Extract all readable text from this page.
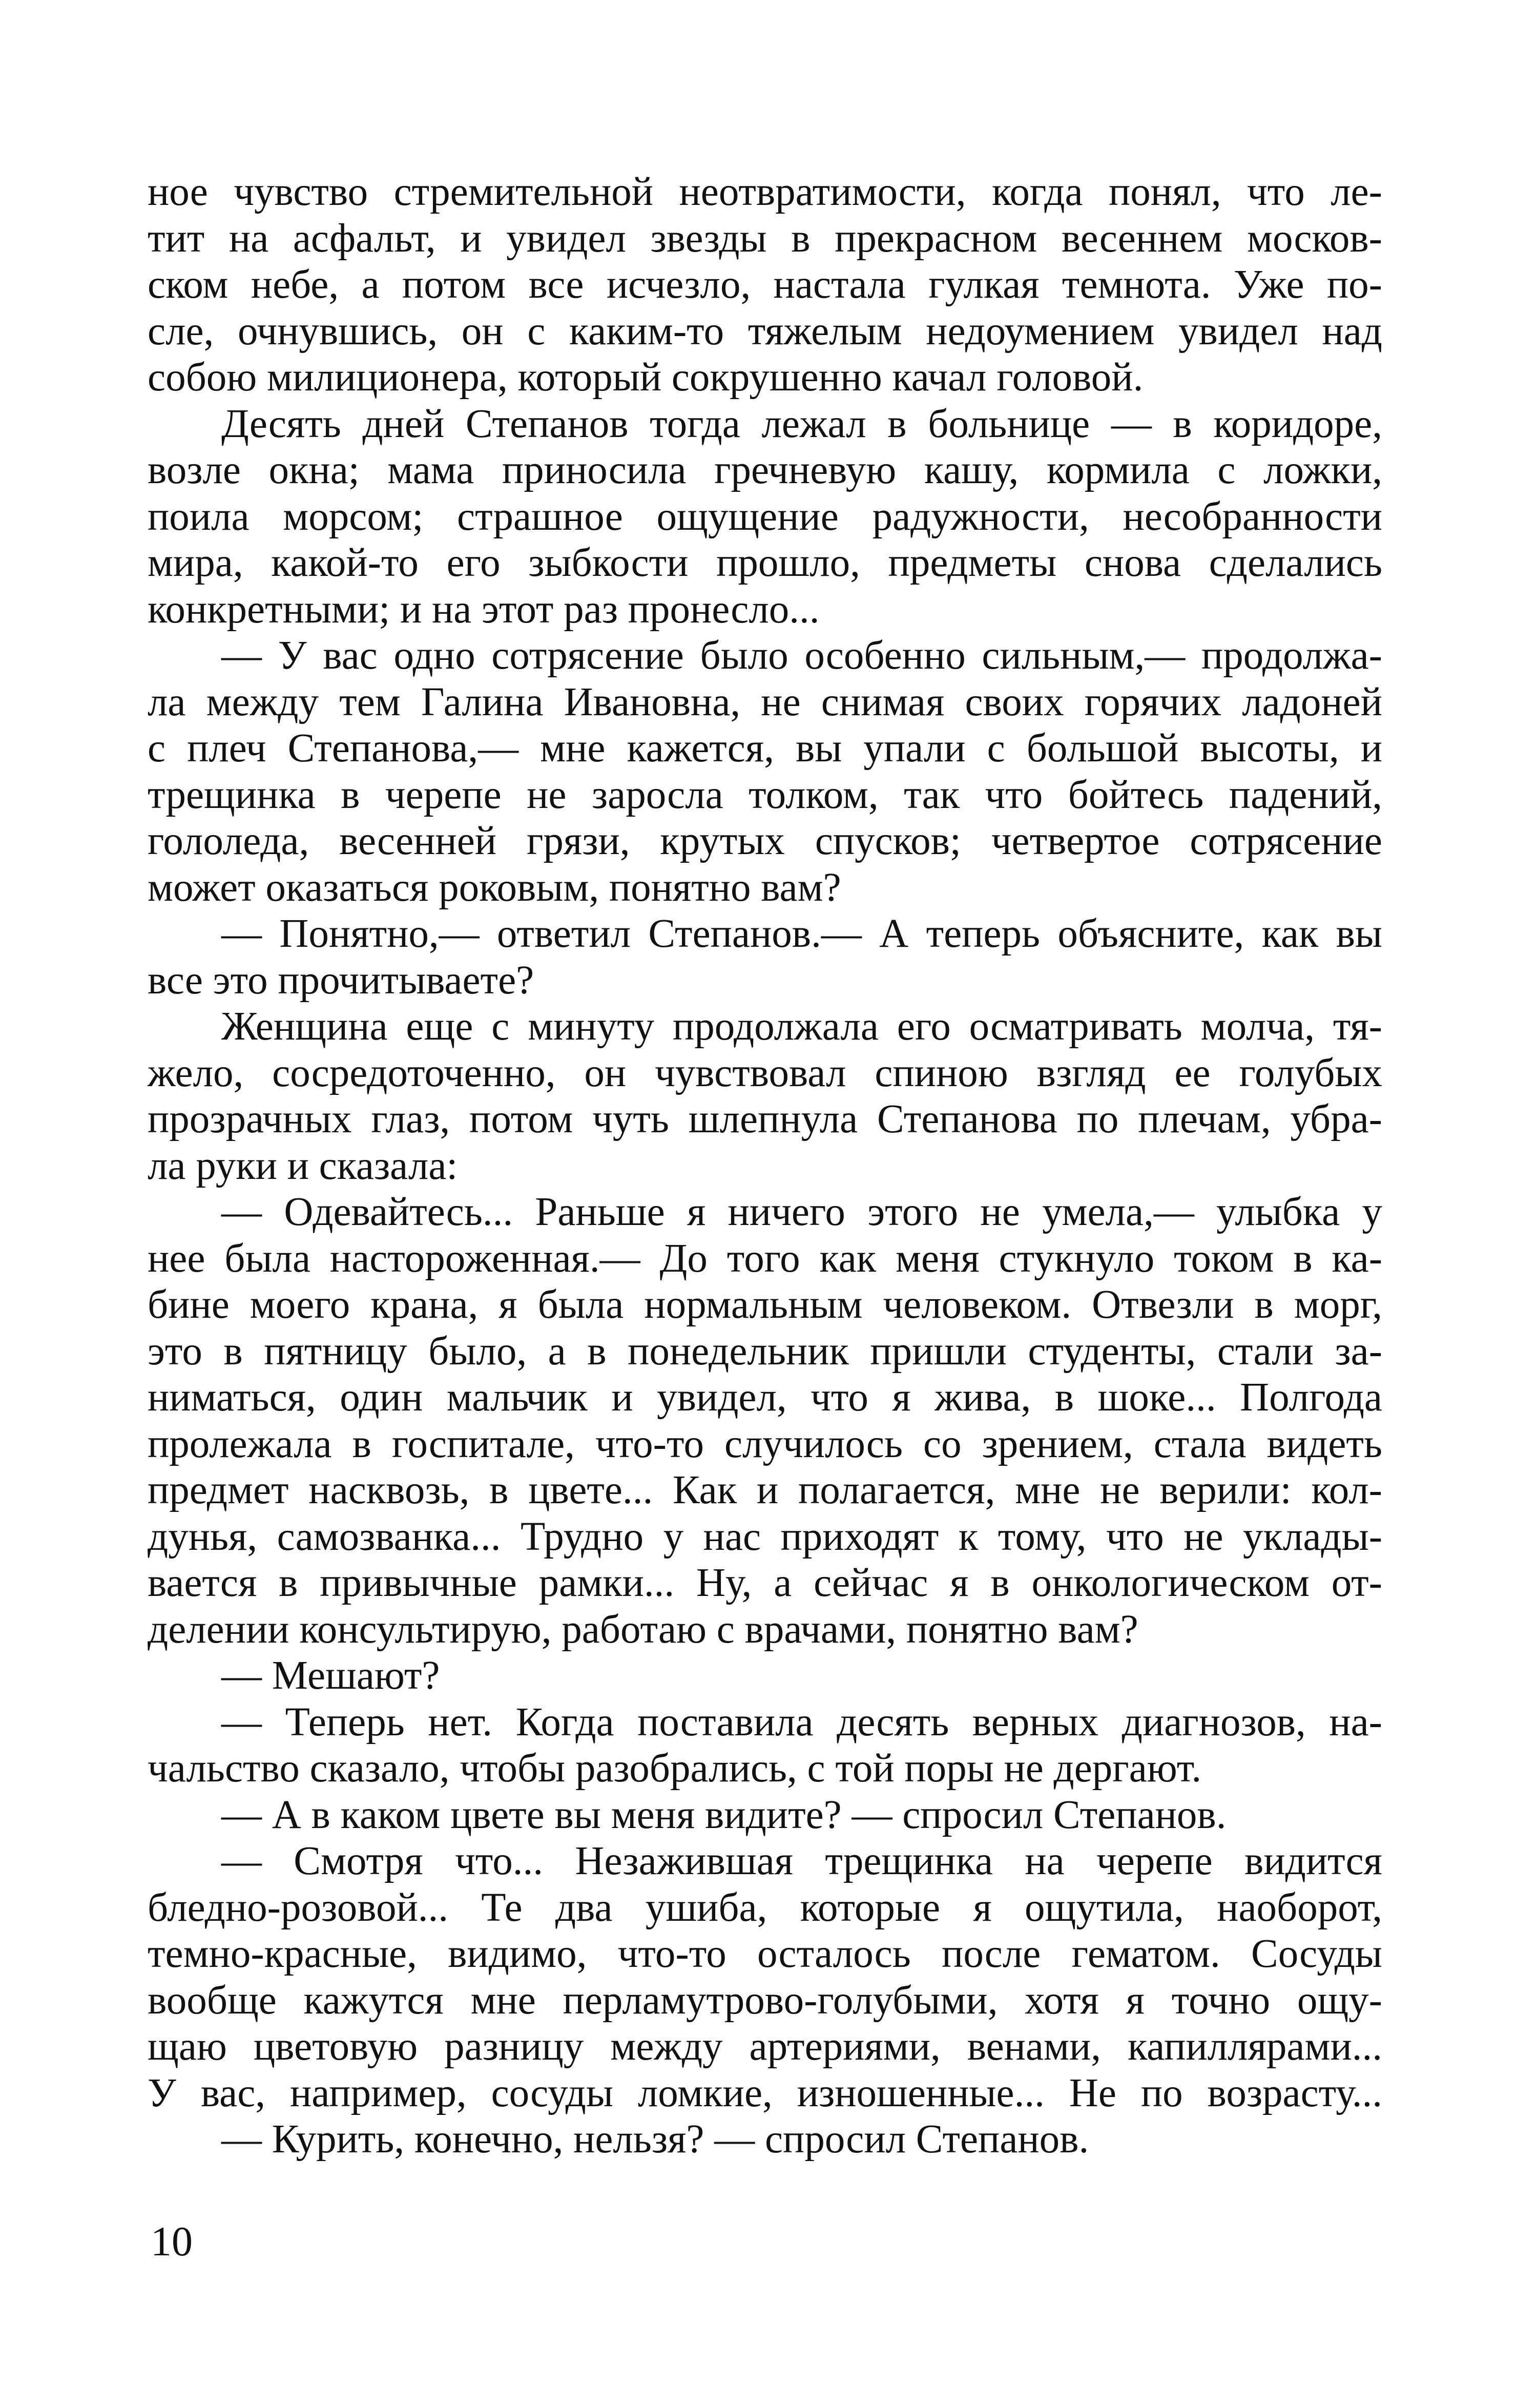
ное чувство стремительной неотвратимости, когда понял, что ле-
тит на асфальт, и увидел звезды в прекрасном весеннем москов-
ском небе, а потом все исчезло, настала гулкая темнота. Уже по-
сле, очнувшись, он с каким-то тяжелым недоумением увидел над
собою милиционера, который сокрушенно качал головой.
Десять дней Степанов тогда лежал в больнице — в коридоре,
возле окна; мама приносила гречневую кашу, кормила с ложки,
поила морсом; страшное ощущение радужности, несобранности
мира, какой-то его зыбкости прошло, предметы снова сделались
конкретными; и на этот раз пронесло...
— У вас одно сотрясение было особенно сильным,— продолжа-
ла между тем Галина Ивановна, не снимая своих горячих ладоней
с плеч Степанова,— мне кажется, вы упали с большой высоты, и
трещинка в черепе не заросла толком, так что бойтесь падений,
гололеда, весенней грязи, крутых спусков; четвертое сотрясение
может оказаться роковым, понятно вам?
— Понятно,— ответил Степанов.— А теперь объясните, как вы
все это прочитываете?
Женщина еще с минуту продолжала его осматривать молча, тя-
жело, сосредоточенно, он чувствовал спиною взгляд ее голубых
прозрачных глаз, потом чуть шлепнула Степанова по плечам, убра-
ла руки и сказала:
— Одевайтесь... Раньше я ничего этого не умела,— улыбка у
нее была настороженная.— До того как меня стукнуло током в ка-
бине моего крана, я была нормальным человеком. Отвезли в морг,
это в пятницу было, а в понедельник пришли студенты, стали за-
ниматься, один мальчик и увидел, что я жива, в шоке... Полгода
пролежала в госпитале, что-то случилось со зрением, стала видеть
предмет насквозь, в цвете... Как и полагается, мне не верили: кол-
дунья, самозванка... Трудно у нас приходят к тому, что не уклады-
вается в привычные рамки... Ну, а сейчас я в онкологическом от-
делении консультирую, работаю с врачами, понятно вам?
— Мешают?
— Теперь нет. Когда поставила десять верных диагнозов, на-
чальство сказало, чтобы разобрались, с той поры не дергают.
— А в каком цвете вы меня видите? — спросил Степанов.
— Смотря что... Незажившая трещинка на черепе видится
бледно-розовой... Те два ушиба, которые я ощутила, наоборот,
темно-красные, видимо, что-то осталось после гематом. Сосуды
вообще кажутся мне перламутрово-голубыми, хотя я точно ощу-
щаю цветовую разницу между артериями, венами, капиллярами...
У вас, например, сосуды ломкие, изношенные... Не по возрасту...
— Курить, конечно, нельзя? — спросил Степанов.
10
